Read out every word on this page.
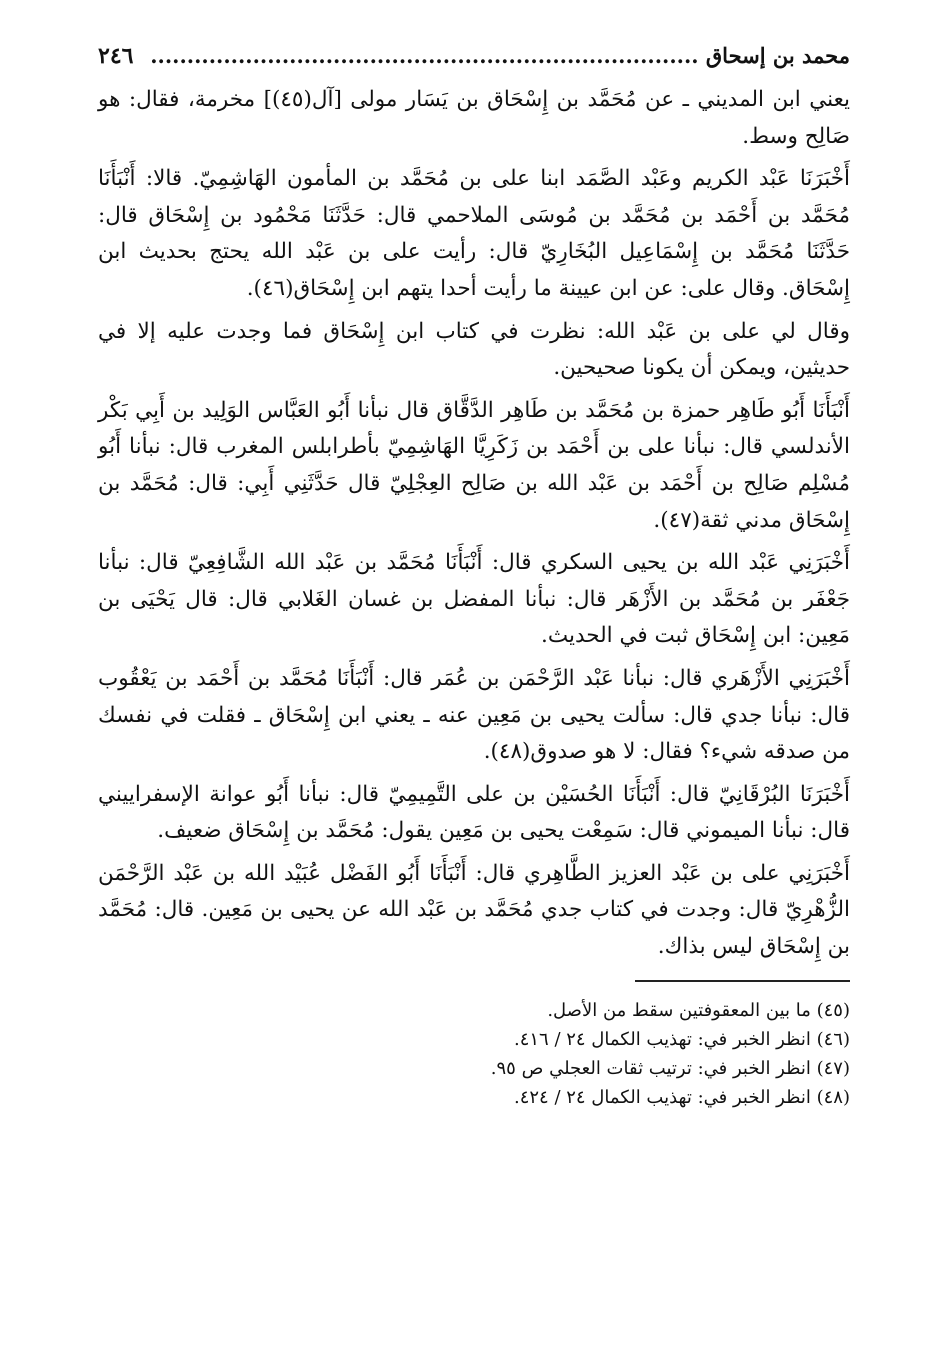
محمد بن إسحاق ...........................................................................
٢٤٦

يعني ابن المديني ـ عن مُحَمَّد بن إِسْحَاق بن يَسَار مولى [آل(٤٥)] مخرمة، فقال: هو صَالِح وسط.

أَخْبَرَنَا عَبْد الكريم وعَبْد الصَّمَد ابنا على بن مُحَمَّد بن المأمون الهَاشِمِيّ. قالا: أَنْبَأَنَا مُحَمَّد بن أَحْمَد بن مُحَمَّد بن مُوسَى الملاحمي قال: حَدَّثَنَا مَحْمُود بن إِسْحَاق قال: حَدَّثَنَا مُحَمَّد بن إِسْمَاعِيل البُخَارِيّ قال: رأيت على بن عَبْد الله يحتج بحديث ابن إِسْحَاق. وقال على: عن ابن عيينة ما رأيت أحدا يتهم ابن إِسْحَاق(٤٦).

وقال لي على بن عَبْد الله: نظرت في كتاب ابن إِسْحَاق فما وجدت عليه إلا في حديثين، ويمكن أن يكونا صحيحين.

أَنْبَأَنَا أَبُو طَاهِر حمزة بن مُحَمَّد بن طَاهِر الدَّقَّاق قال نبأنا أَبُو العَبَّاس الوَلِيد بن أَبِي بَكْر الأندلسي قال: نبأنا على بن أَحْمَد بن زَكَرِيَّا الهَاشِمِيّ بأطرابلس المغرب قال: نبأنا أَبُو مُسْلِم صَالِح بن أَحْمَد بن عَبْد الله بن صَالِح العِجْلِيّ قال حَدَّثَنِي أَبِي: قال: مُحَمَّد بن إِسْحَاق مدني ثقة(٤٧).

أَخْبَرَنِي عَبْد الله بن يحيى السكري قال: أَنْبَأَنَا مُحَمَّد بن عَبْد الله الشَّافِعِيّ قال: نبأنا جَعْفَر بن مُحَمَّد بن الأَزْهَر قال: نبأنا المفضل بن غسان الغَلابي قال: قال يَحْيَى بن مَعِين: ابن إِسْحَاق ثبت في الحديث.

أَخْبَرَنِي الأَزْهَري قال: نبأنا عَبْد الرَّحْمَن بن عُمَر قال: أَنْبَأَنَا مُحَمَّد بن أَحْمَد بن يَعْقُوب قال: نبأنا جدي قال: سألت يحيى بن مَعِين عنه ـ يعني ابن إِسْحَاق ـ فقلت في نفسك من صدقه شيء؟ فقال: لا هو صدوق(٤٨).

أَخْبَرَنَا البُرْقَانِيّ قال: أَنْبَأَنَا الحُسَيْن بن على التَّمِيمِيّ قال: نبأنا أَبُو عوانة الإسفراييني قال: نبأنا الميموني قال: سَمِعْت يحيى بن مَعِين يقول: مُحَمَّد بن إِسْحَاق ضعيف.

أَخْبَرَنِي على بن عَبْد العزيز الطَّاهِري قال: أَنْبَأَنَا أَبُو الفَضْل عُبَيْد الله بن عَبْد الرَّحْمَن الزُّهْرِيّ قال: وجدت في كتاب جدي مُحَمَّد بن عَبْد الله عن يحيى بن مَعِين. قال: مُحَمَّد بن إِسْحَاق ليس بذاك.

(٤٥) ما بين المعقوفتين سقط من الأصل.

(٤٦) انظر الخبر في: تهذيب الكمال ٢٤ / ٤١٦.

(٤٧) انظر الخبر في: ترتيب ثقات العجلي ص ٩٥.

(٤٨) انظر الخبر في: تهذيب الكمال ٢٤ / ٤٢٤.
